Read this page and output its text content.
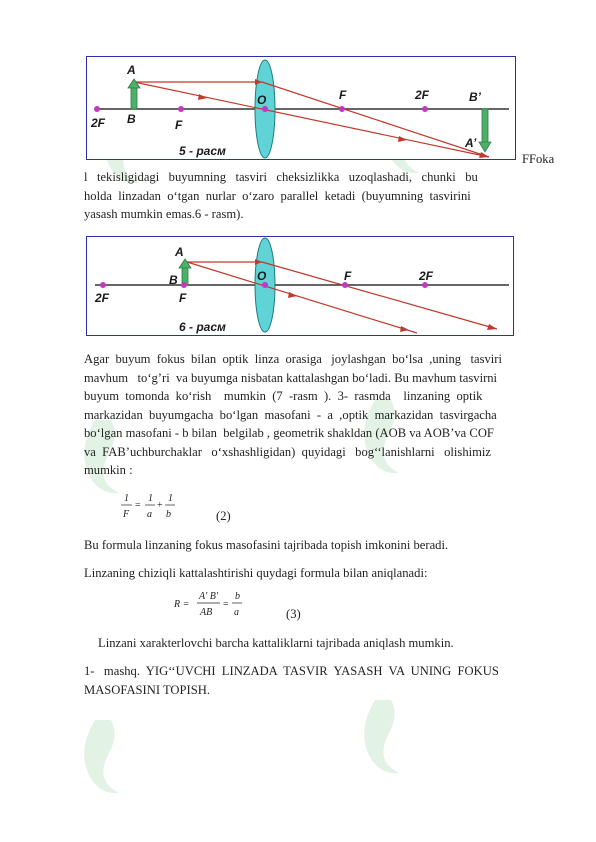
A
B
O
2F	F
F	2F	B’
A’
5 - расм
FFoka
l   tekisligidagi   buyumning   tasviri   cheksizlikka   uzoqlashadi,   chunki   bu
holda  linzadan  o‘tgan  nurlar  o‘zaro  parallel  ketadi  (buyumning  tasvirini
yasash mumkin emas.6 - rasm).
A
B	O
2F	F
F	2F
6 - расм
Agar  buyum  fokus  bilan  optik  linza  orasiga   joylashgan  bo‘lsa  ,uning   tasviri
mavhum   to‘g’ri  va buyumga nisbatan kattalashgan bo‘ladi. Bu mavhum tasvirni
buyum  tomonda  ko‘rish    mumkin  (7  -rasm  ).  3-  rasmda    linzaning  optik
markazidan  buyumgacha  bo‘lgan  masofani  -  a  ,optik  markazidan  tasvirgacha
bo‘lgan masofani - b bilan  belgilab , geometrik shakldan (AOB va AOB’va COF
va  FAB’uchburchaklar   o‘xshashligidan)  quyidagi   bog‘‘lanishlarni   olishimiz
mumkin :
1
F
=
1
a
+
1
b	(2)
Bu formula linzaning fokus masofasini tajribada topish imkonini beradi.
Linzaning chiziqli kattalashtirishi quydagi formula bilan aniqlanadi:
R =
A' B'
AB
=
b
a	(3)
Linzani xarakterlovchi barcha kattaliklarni tajribada aniqlash mumkin.
1-   mashq.  YIG‘‘UVCHI  LINZADA  TASVIR  YASASH  VA  UNING  FOKUS
MASOFASINI TOPISH.
